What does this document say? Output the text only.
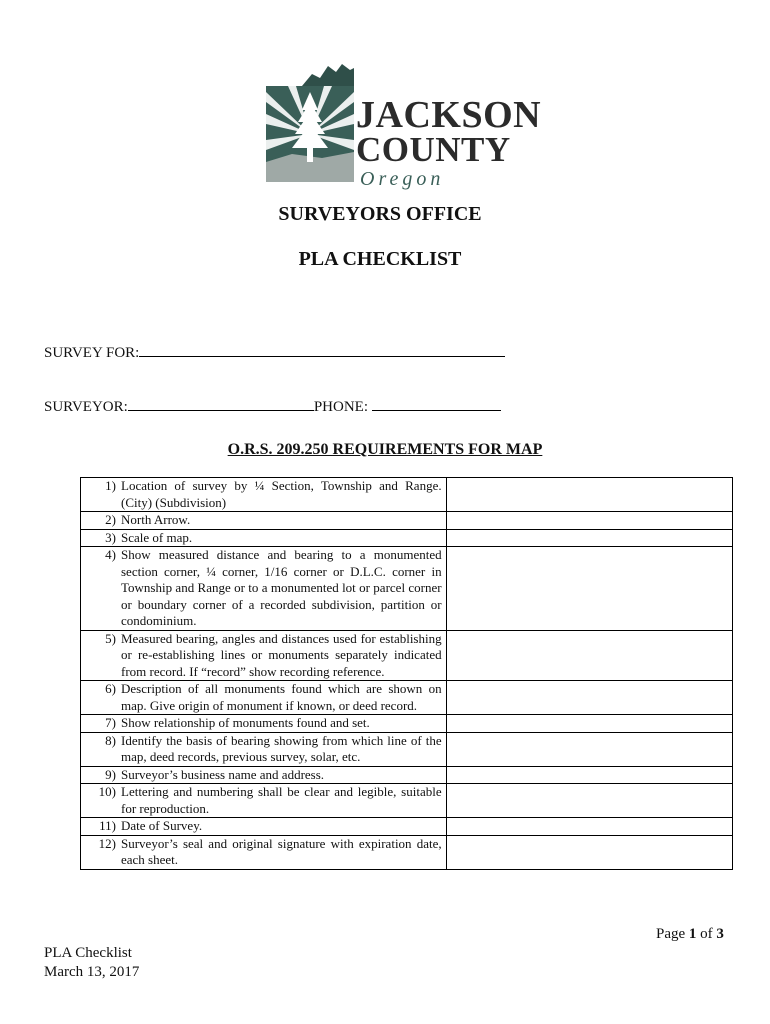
JACKSON
COUNTY
Oregon
SURVEYORS OFFICE
PLA CHECKLIST
SURVEY FOR:
SURVEYOR:	PHONE:
O.R.S. 209.250 REQUIREMENTS FOR MAP
1) Location of survey by ¼ Section, Township and Range. (City) (Subdivision)	

2) North Arrow.	

3) Scale of map.	

4) Show measured distance and bearing to a monumented section corner, ¼ corner, 1/16 corner or D.L.C. corner in Township and Range or to a monumented lot or parcel corner or boundary corner of a recorded subdivision, partition or condominium.	

5) Measured bearing, angles and distances used for establishing or re-establishing lines or monuments separately indicated from record. If “record” show recording reference.	

6) Description of all monuments found which are shown on map. Give origin of monument if known, or deed record.	

7) Show relationship of monuments found and set.	

8) Identify the basis of bearing showing from which line of the map, deed records, previous survey, solar, etc.	

9) Surveyor’s business name and address.	

10) Lettering and numbering shall be clear and legible, suitable for reproduction.	

11) Date of Survey.	

12) Surveyor’s seal and original signature with expiration date, each sheet.	

Page 1 of 3
PLA Checklist
March 13, 2017
